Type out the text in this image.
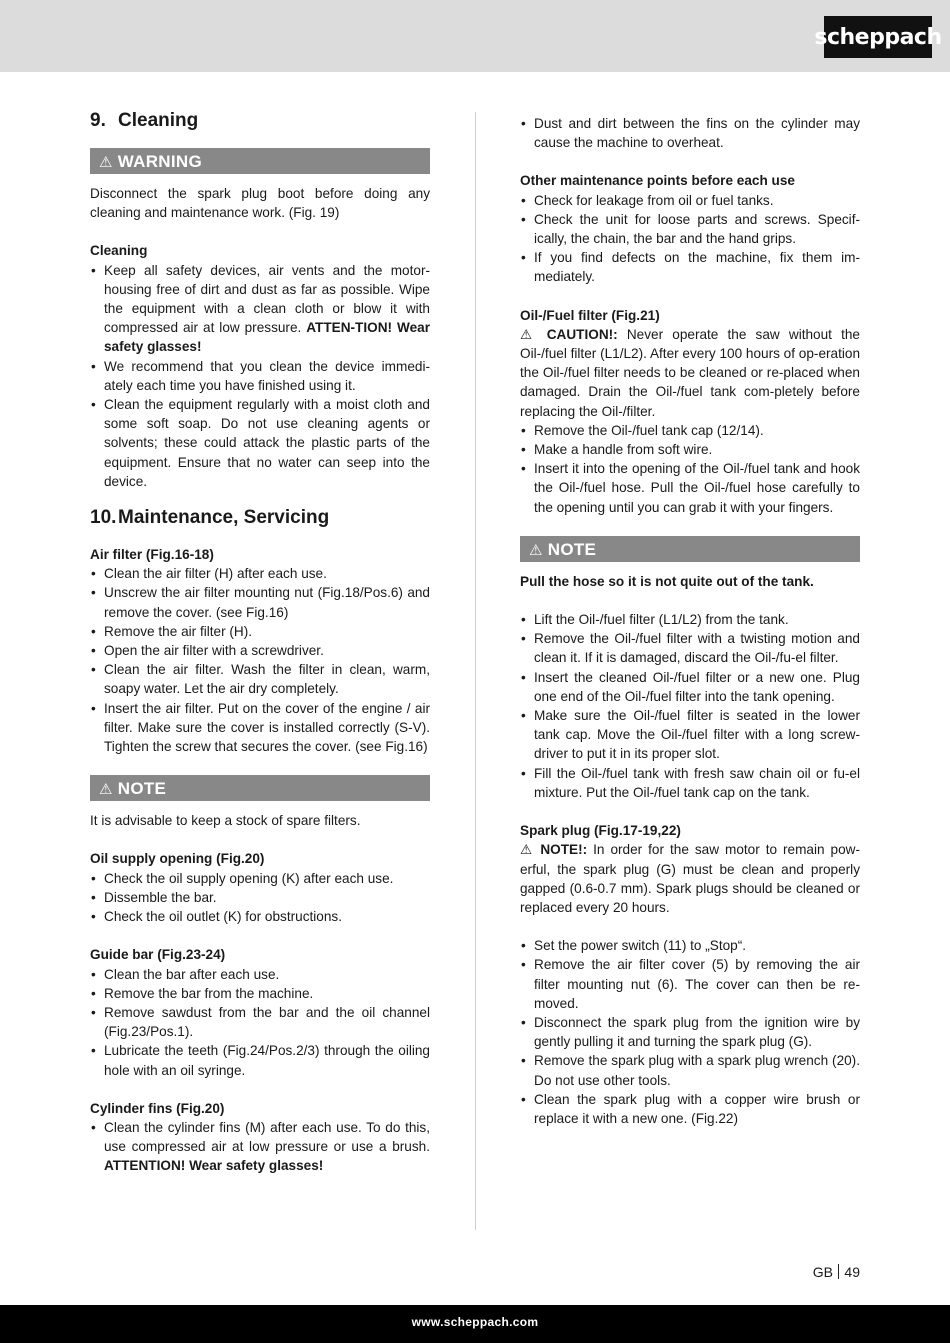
scheppach
9. Cleaning
⚠ WARNING

Disconnect the spark plug boot before doing any cleaning and maintenance work. (Fig. 19)

Cleaning
• Keep all safety devices, air vents and the motor-housing free of dirt and dust as far as possible. Wipe the equipment with a clean cloth or blow it with compressed air at low pressure. ATTEN-TION! Wear safety glasses!
• We recommend that you clean the device immedi-ately each time you have finished using it.
• Clean the equipment regularly with a moist cloth and some soft soap. Do not use cleaning agents or solvents; these could attack the plastic parts of the equipment. Ensure that no water can seep into the device.
10.Maintenance, Servicing
Air filter (Fig.16-18)
• Clean the air filter (H) after each use.
• Unscrew the air filter mounting nut (Fig.18/Pos.6) and remove the cover. (see Fig.16)
• Remove the air filter (H).
• Open the air filter with a screwdriver.
• Clean the air filter. Wash the filter in clean, warm, soapy water. Let the air dry completely.
• Insert the air filter. Put on the cover of the engine / air filter. Make sure the cover is installed correctly (S-V). Tighten the screw that secures the cover. (see Fig.16)
⚠ NOTE

It is advisable to keep a stock of spare filters.

Oil supply opening (Fig.20)
• Check the oil supply opening (K) after each use.
• Dissemble the bar.
• Check the oil outlet (K) for obstructions.
Guide bar (Fig.23-24)
• Clean the bar after each use.
• Remove the bar from the machine.
• Remove sawdust from the bar and the oil channel (Fig.23/Pos.1).
• Lubricate the teeth (Fig.24/Pos.2/3) through the oiling hole with an oil syringe.
Cylinder fins (Fig.20)
• Clean the cylinder fins (M) after each use. To do this, use compressed air at low pressure or use a brush. ATTENTION! Wear safety glasses!
• Dust and dirt between the fins on the cylinder may cause the machine to overheat.
Other maintenance points before each use
• Check for leakage from oil or fuel tanks.
• Check the unit for loose parts and screws. Specif-ically, the chain, the bar and the hand grips.
• If you find defects on the machine, fix them im-mediately.
Oil-/Fuel filter (Fig.21)

⚠ CAUTION!: Never operate the saw without the Oil-/fuel filter (L1/L2). After every 100 hours of op-eration the Oil-/fuel filter needs to be cleaned or re-placed when damaged. Drain the Oil-/fuel tank com-pletely before replacing the Oil-/filter.

• Remove the Oil-/fuel tank cap (12/14).
• Make a handle from soft wire.
• Insert it into the opening of the Oil-/fuel tank and hook the Oil-/fuel hose. Pull the Oil-/fuel hose carefully to the opening until you can grab it with your fingers.
⚠ NOTE

Pull the hose so it is not quite out of the tank.

• Lift the Oil-/fuel filter (L1/L2) from the tank.
• Remove the Oil-/fuel filter with a twisting motion and clean it. If it is damaged, discard the Oil-/fu-el filter.
• Insert the cleaned Oil-/fuel filter or a new one. Plug one end of the Oil-/fuel filter into the tank opening.
• Make sure the Oil-/fuel filter is seated in the lower tank cap. Move the Oil-/fuel filter with a long screw-driver to put it in its proper slot.
• Fill the Oil-/fuel tank with fresh saw chain oil or fu-el mixture. Put the Oil-/fuel tank cap on the tank.
Spark plug (Fig.17-19,22)

⚠ NOTE!: In order for the saw motor to remain pow-erful, the spark plug (G) must be clean and properly gapped (0.6-0.7 mm). Spark plugs should be cleaned or replaced every 20 hours.

• Set the power switch (11) to „Stop“.
• Remove the air filter cover (5) by removing the air filter mounting nut (6). The cover can then be re-moved.
• Disconnect the spark plug from the ignition wire by gently pulling it and turning the spark plug (G).
• Remove the spark plug with a spark plug wrench (20). Do not use other tools.
• Clean the spark plug with a copper wire brush or replace it with a new one. (Fig.22)
GB 49
www.scheppach.com
